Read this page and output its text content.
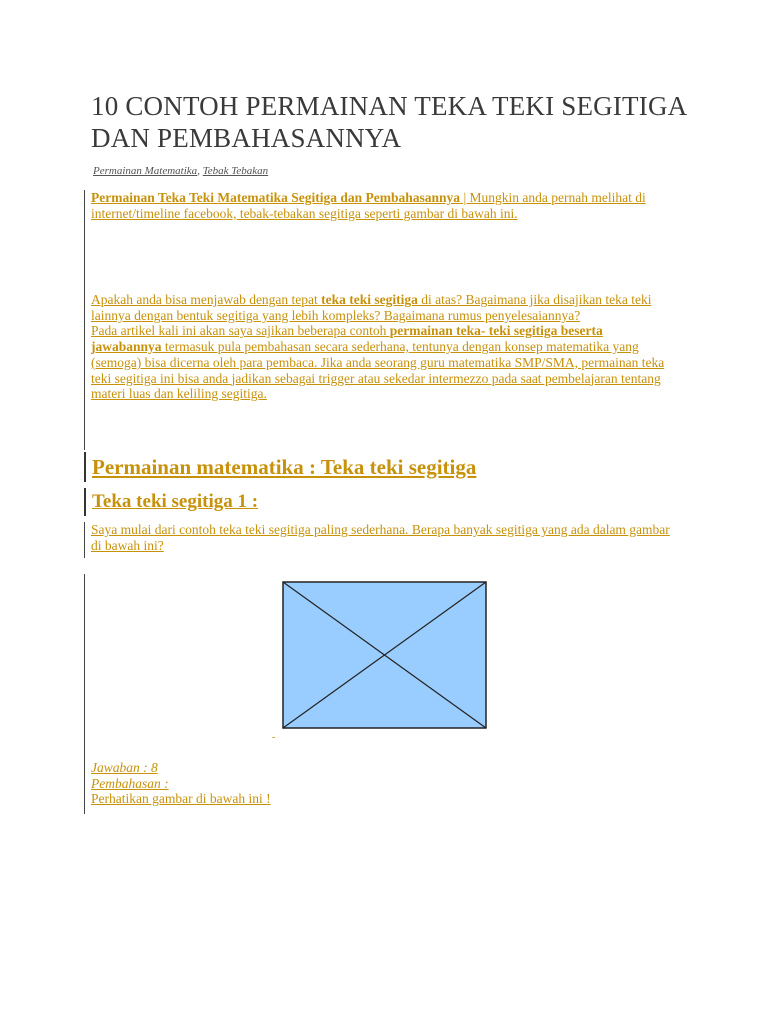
10 CONTOH PERMAINAN TEKA TEKI SEGITIGA DAN PEMBAHASANNYA
Permainan Matematika, Tebak Tebakan

Permainan Teka Teki Matematika Segitiga dan Pembahasannya | Mungkin anda pernah melihat di internet/timeline facebook, tebak-tebakan segitiga seperti gambar di bawah ini.

Apakah anda bisa menjawab dengan tepat teka teki segitiga di atas? Bagaimana jika disajikan teka teki lainnya dengan bentuk segitiga yang lebih kompleks? Bagaimana rumus penyelesaiannya?

Pada artikel kali ini akan saya sajikan beberapa contoh permainan teka- teki segitiga beserta jawabannya termasuk pula pembahasan secara sederhana, tentunya dengan konsep matematika yang (semoga) bisa dicerna oleh para pembaca. Jika anda seorang guru matematika SMP/SMA, permainan teka teki segitiga ini bisa anda jadikan sebagai trigger atau sekedar intermezzo pada saat pembelajaran tentang materi luas dan keliling segitiga.

Permainan matematika : Teka teki segitiga
Teka teki segitiga 1 :

Saya mulai dari contoh teka teki segitiga paling sederhana. Berapa banyak segitiga yang ada dalam gambar di bawah ini?

-

Jawaban : 8

Pembahasan :

Perhatikan gambar di bawah ini !
